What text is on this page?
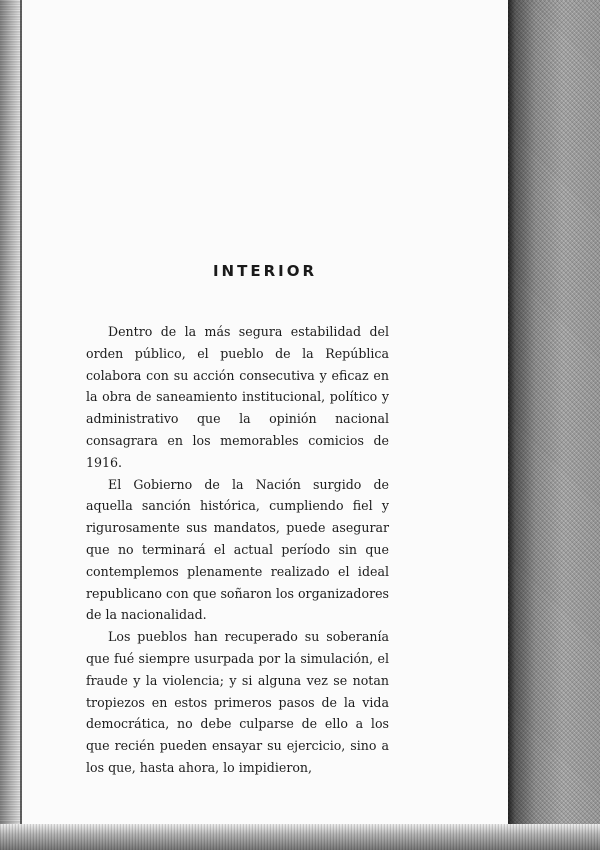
INTERIOR

Dentro de la más segura estabilidad del orden público, el pueblo de la República colabora con su acción consecutiva y eficaz en la obra de saneamiento institucional, político y administrativo que la opinión nacional consagrara en los memorables comicios de 1916.

El Gobierno de la Nación surgido de aquella sanción histórica, cumpliendo fiel y rigurosamente sus mandatos, puede asegurar que no terminará el actual período sin que contemplemos plenamente realizado el ideal republicano con que soñaron los organizadores de la nacionalidad.

Los pueblos han recuperado su soberanía que fué siempre usurpada por la simulación, el fraude y la violencia; y si alguna vez se notan tropiezos en estos primeros pasos de la vida democrática, no debe culparse de ello a los que recién pueden ensayar su ejercicio, sino a los que, hasta ahora, lo impidieron,
